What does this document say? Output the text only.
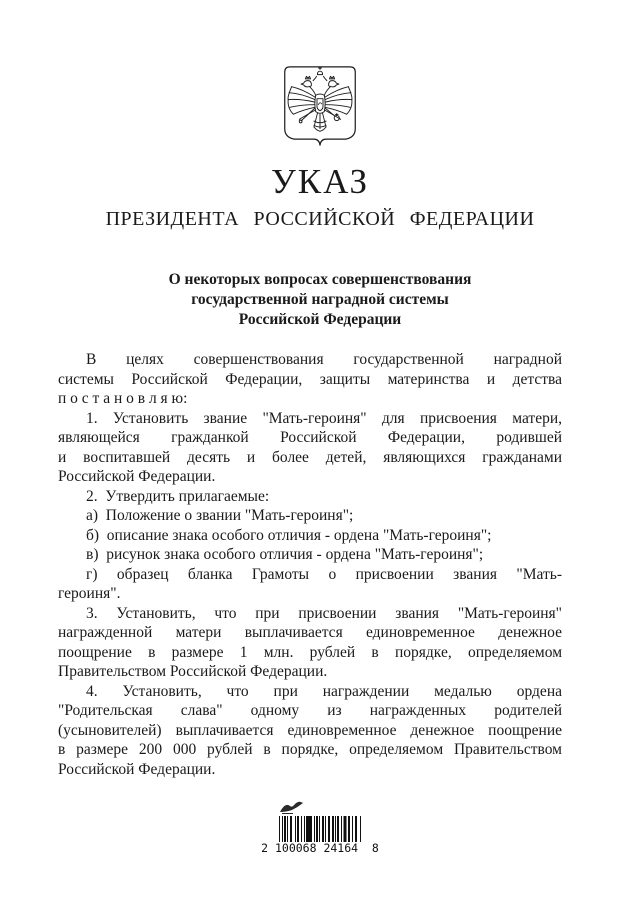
УКАЗ
ПРЕЗИДЕНТА РОССИЙСКОЙ ФЕДЕРАЦИИ
О некоторых вопросах совершенствования
государственной наградной системы
Российской Федерации
В целях совершенствования государственной наградной
системы Российской Федерации, защиты материнства и детства
п о с т а н о в л я ю:
1. Установить звание "Мать-героиня" для присвоения матери,
являющейся гражданкой Российской Федерации, родившей
и воспитавшей десять и более детей, являющихся гражданами
Российской Федерации.
2.  Утвердить прилагаемые:
а)  Положение о звании "Мать-героиня";
б)  описание знака особого отличия - ордена "Мать-героиня";
в)  рисунок знака особого отличия - ордена "Мать-героиня";
г) образец бланка Грамоты о присвоении звания "Мать-
героиня".
3. Установить, что при присвоении звания "Мать-героиня"
награжденной матери выплачивается единовременное денежное
поощрение в размере 1 млн. рублей в порядке, определяемом
Правительством Российской Федерации.
4. Установить, что при награждении медалью ордена
"Родительская слава" одному из награжденных родителей
(усыновителей) выплачивается единовременное денежное поощрение
в размере 200 000 рублей в порядке, определяемом Правительством
Российской Федерации.
2 100068 24164  8
